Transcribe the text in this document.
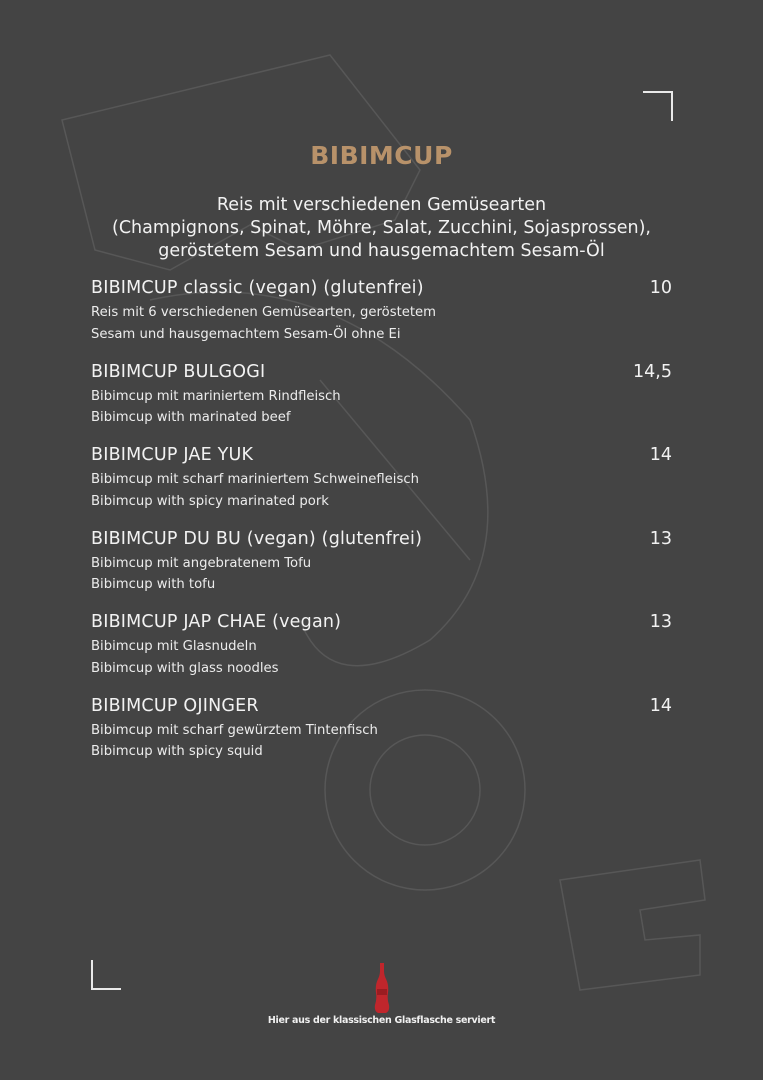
BIBIMCUP
Reis mit verschiedenen Gemüsearten
(Champignons, Spinat, Möhre, Salat, Zucchini, Sojasprossen),
geröstetem Sesam und hausgemachtem Sesam-Öl
BIBIMCUP classic (vegan) (glutenfrei)	10
Reis mit 6 verschiedenen Gemüsearten, geröstetem
Sesam und hausgemachtem Sesam-Öl ohne Ei
BIBIMCUP BULGOGI	14,5
Bibimcup mit mariniertem Rindfleisch
Bibimcup with marinated beef
BIBIMCUP JAE YUK	14
Bibimcup mit scharf mariniertem Schweinefleisch
Bibimcup with spicy marinated pork
BIBIMCUP DU BU (vegan) (glutenfrei)	13
Bibimcup mit angebratenem Tofu
Bibimcup with tofu
BIBIMCUP JAP CHAE (vegan)	13
Bibimcup mit Glasnudeln
Bibimcup with glass noodles
BIBIMCUP OJINGER	14
Bibimcup mit scharf gewürztem Tintenfisch
Bibimcup with spicy squid
Hier aus der klassischen Glasflasche serviert
